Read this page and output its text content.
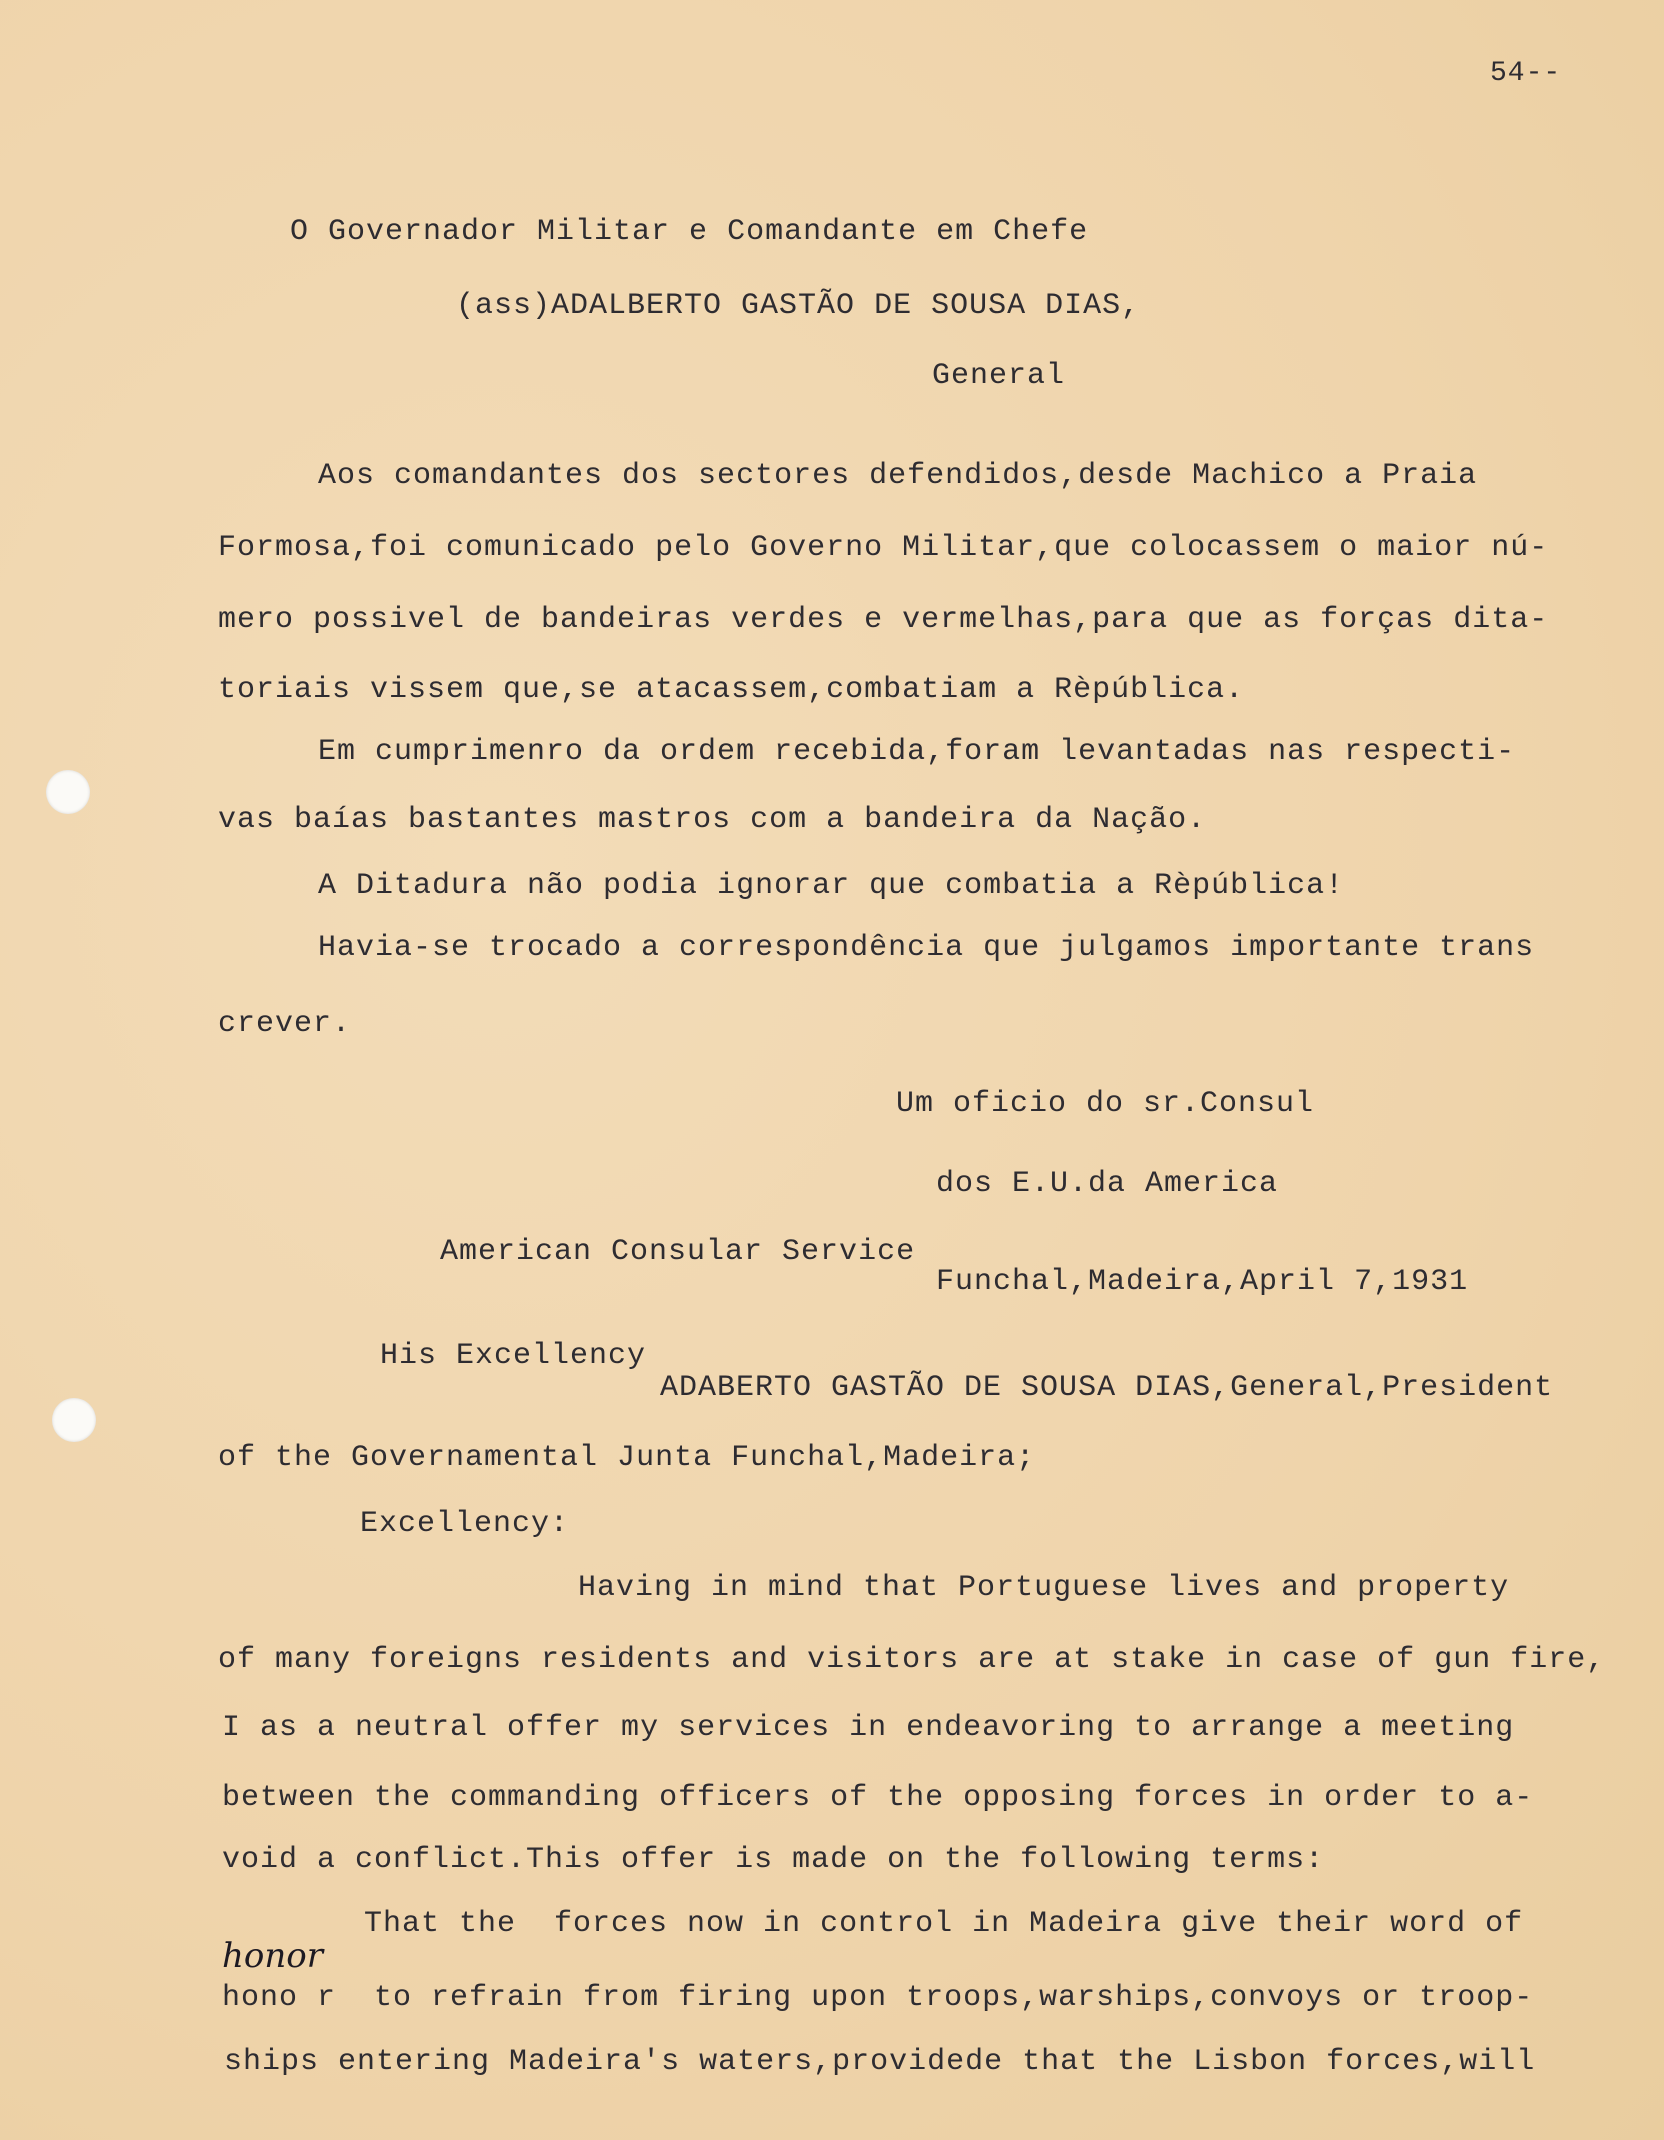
54--
O Governador Militar e Comandante em Chefe
(ass)ADALBERTO GASTÃO DE SOUSA DIAS,
General
Aos comandantes dos sectores defendidos,desde Machico a Praia
Formosa,foi comunicado pelo Governo Militar,que colocassem o maior nú-
mero possivel de bandeiras verdes e vermelhas,para que as forças dita-
toriais vissem que,se atacassem,combatiam a Rèpública.
Em cumprimenro da ordem recebida,foram levantadas nas respecti-
vas baías bastantes mastros com a bandeira da Nação.
A Ditadura não podia ignorar que combatia a Rèpública!
Havia-se trocado a correspondência que julgamos importante trans
crever.
Um oficio do sr.Consul
dos E.U.da America
American Consular Service
Funchal,Madeira,April 7,1931
His Excellency
ADABERTO GASTÃO DE SOUSA DIAS,General,President
of the Governamental Junta Funchal,Madeira;
Excellency:
Having in mind that Portuguese lives and property
of many foreigns residents and visitors are at stake in case of gun fire,
I as a neutral offer my services in endeavoring to arrange a meeting
between the commanding officers of the opposing forces in order to a-
void a conflict.This offer is made on the following terms:
That the  forces now in control in Madeira give their word of
honor
hono r  to refrain from firing upon troops,warships,convoys or troop-
ships entering Madeira's waters,providede that the Lisbon forces,will
